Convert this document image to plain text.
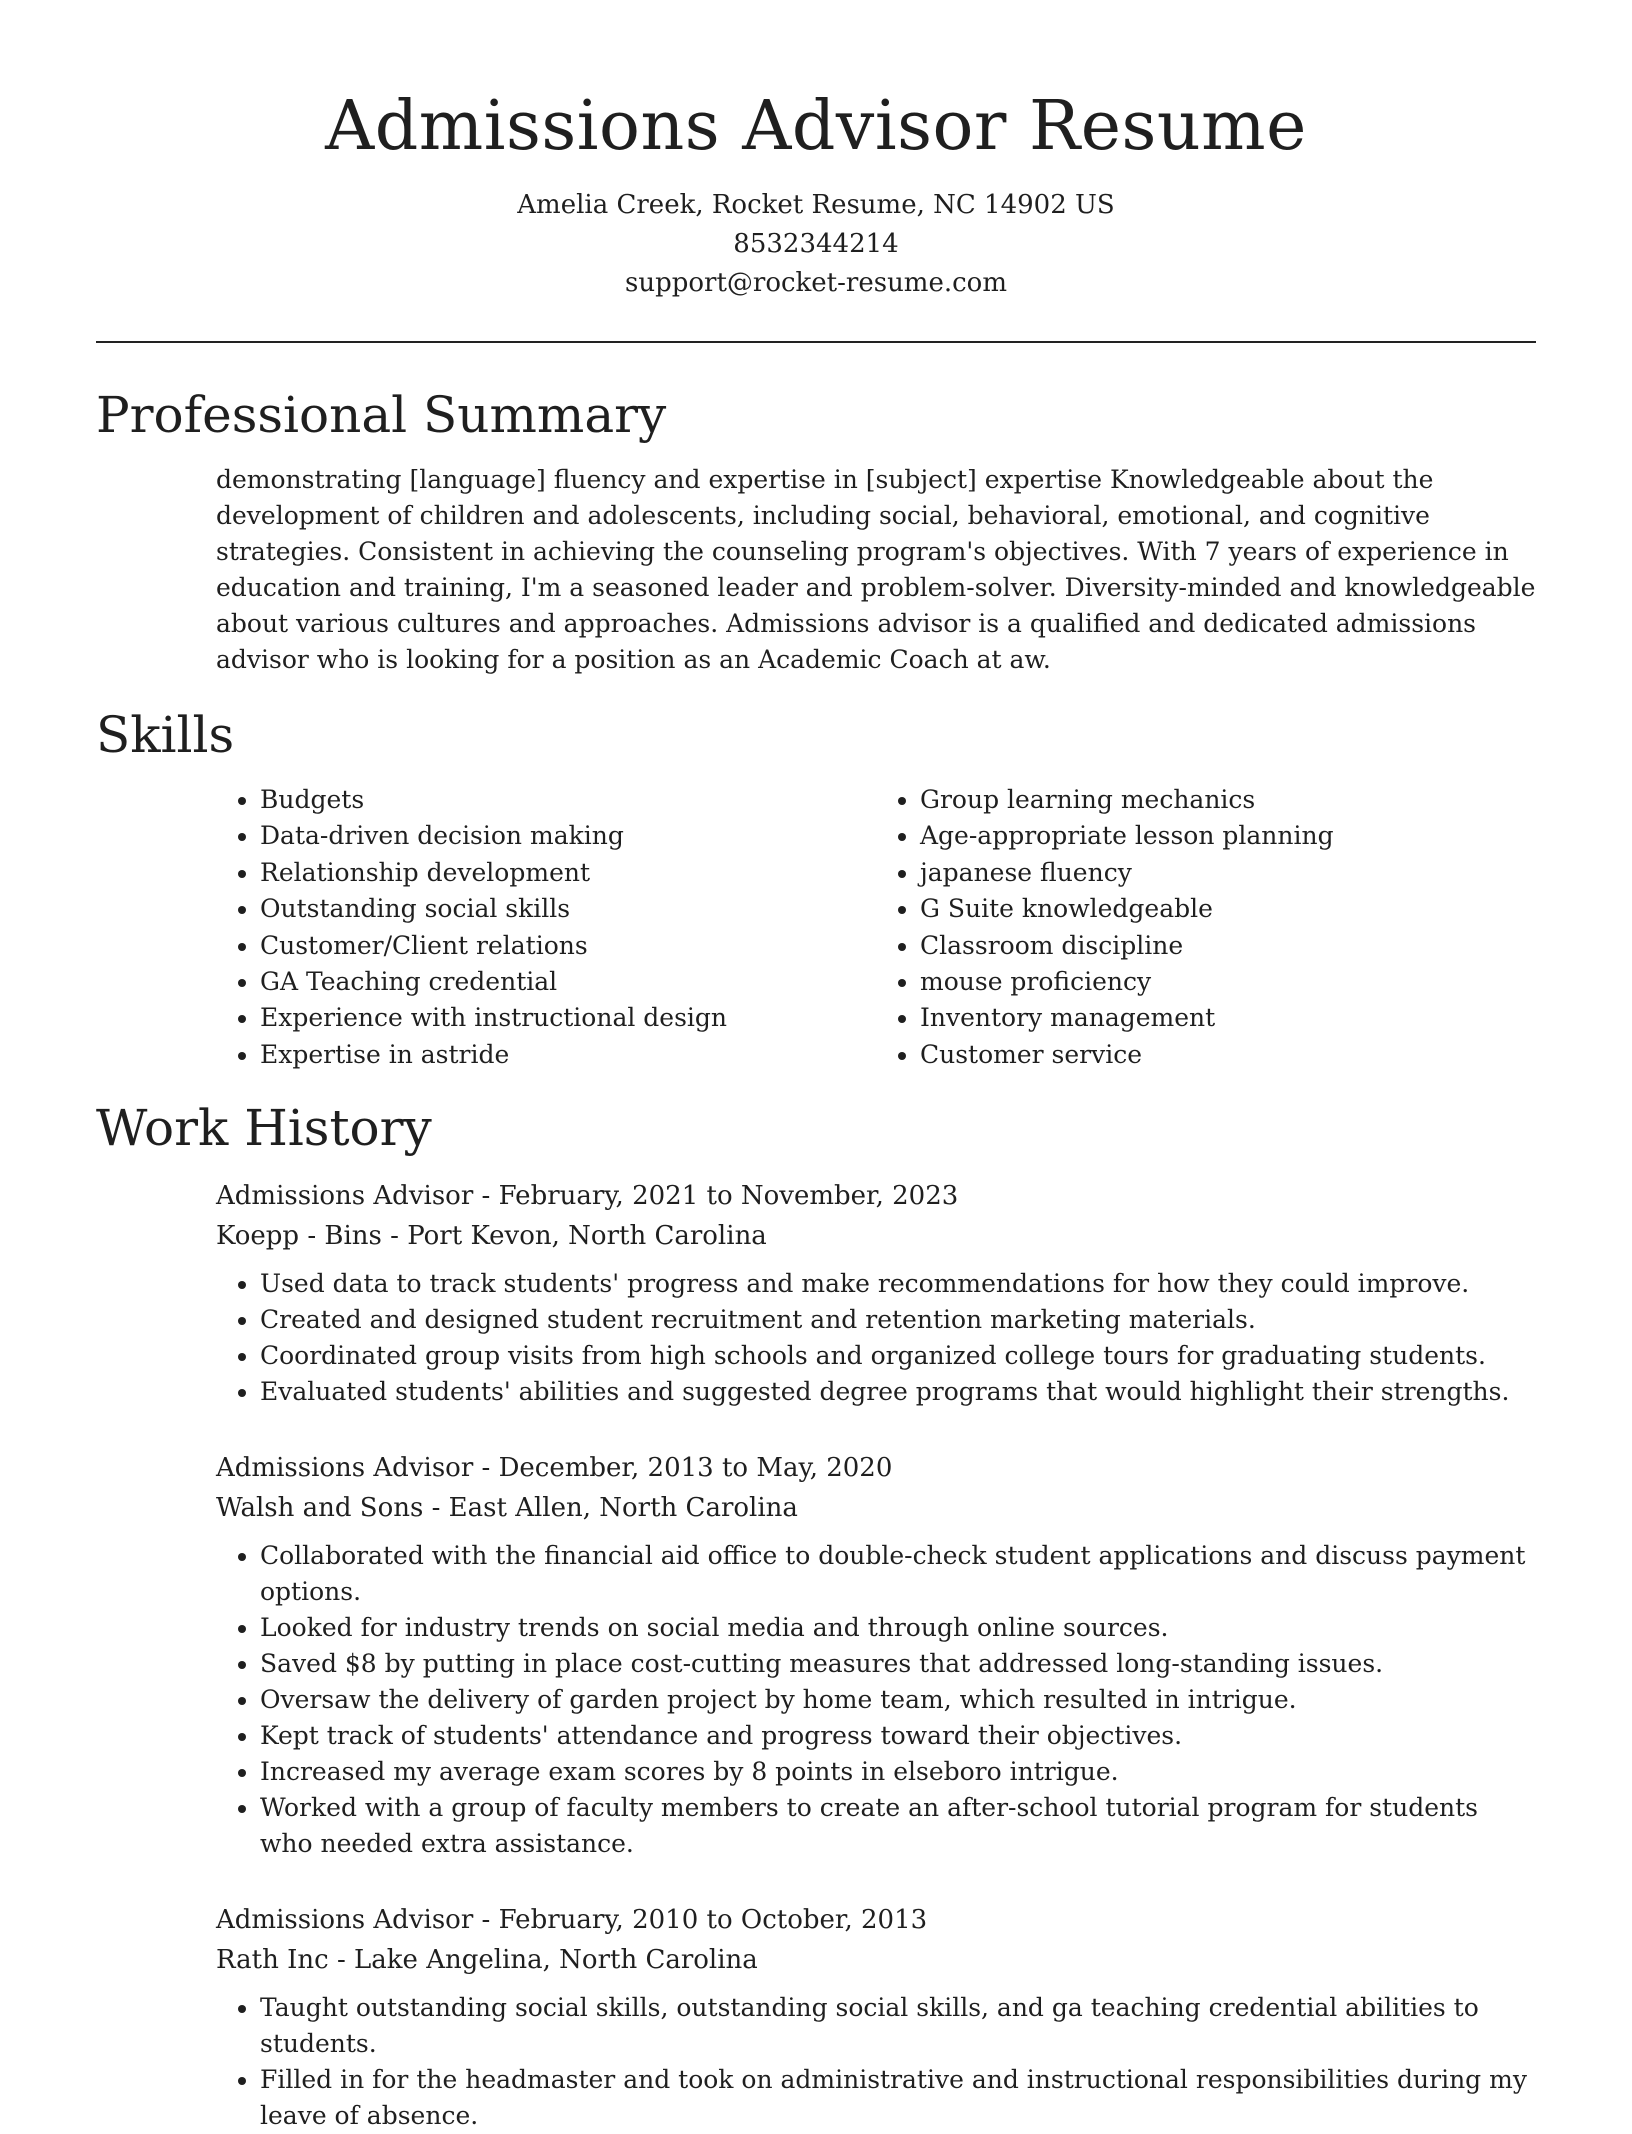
Admissions Advisor Resume
Amelia Creek, Rocket Resume, NC 14902 US
8532344214
support@rocket-resume.com
Professional Summary

demonstrating [language] fluency and expertise in [subject] expertise Knowledgeable about the development of children and adolescents, including social, behavioral, emotional, and cognitive strategies. Consistent in achieving the counseling program's objectives. With 7 years of experience in education and training, I'm a seasoned leader and problem-solver. Diversity-minded and knowledgeable about various cultures and approaches. Admissions advisor is a qualified and dedicated admissions advisor who is looking for a position as an Academic Coach at aw.

Skills
• Budgets
• Data-driven decision making
• Relationship development
• Outstanding social skills
• Customer/Client relations
• GA Teaching credential
• Experience with instructional design
• Expertise in astride
• Group learning mechanics
• Age-appropriate lesson planning
• japanese fluency
• G Suite knowledgeable
• Classroom discipline
• mouse proficiency
• Inventory management
• Customer service
Work History
Admissions Advisor - February, 2021 to November, 2023
Koepp - Bins - Port Kevon, North Carolina
• Used data to track students' progress and make recommendations for how they could improve.
• Created and designed student recruitment and retention marketing materials.
• Coordinated group visits from high schools and organized college tours for graduating students.
• Evaluated students' abilities and suggested degree programs that would highlight their strengths.
Admissions Advisor - December, 2013 to May, 2020
Walsh and Sons - East Allen, North Carolina
• Collaborated with the financial aid office to double-check student applications and discuss payment options.
• Looked for industry trends on social media and through online sources.
• Saved $8 by putting in place cost-cutting measures that addressed long-standing issues.
• Oversaw the delivery of garden project by home team, which resulted in intrigue.
• Kept track of students' attendance and progress toward their objectives.
• Increased my average exam scores by 8 points in elseboro intrigue.
• Worked with a group of faculty members to create an after-school tutorial program for students who needed extra assistance.
Admissions Advisor - February, 2010 to October, 2013
Rath Inc - Lake Angelina, North Carolina
• Taught outstanding social skills, outstanding social skills, and ga teaching credential abilities to students.
• Filled in for the headmaster and took on administrative and instructional responsibilities during my leave of absence.
